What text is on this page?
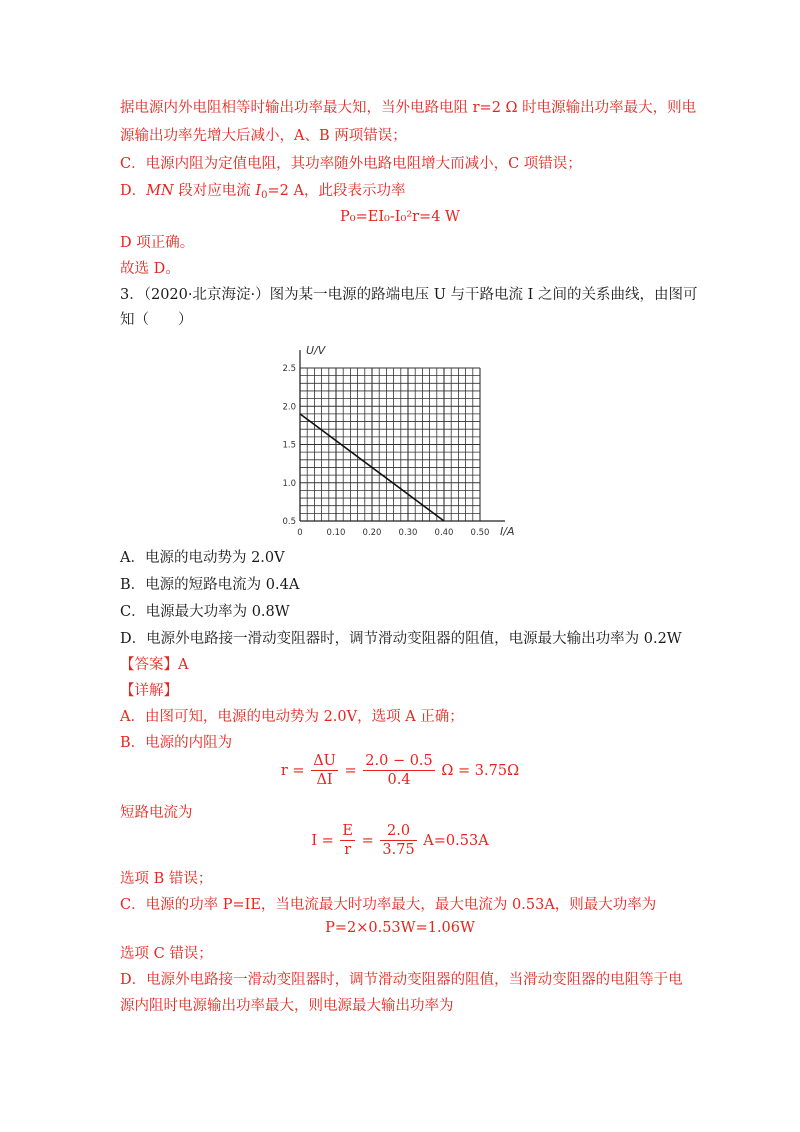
据电源内外电阻相等时输出功率最大知，当外电路电阻 r=2 Ω 时电源输出功率最大，则电
源输出功率先增大后减小，A、B 两项错误；
C．电源内阻为定值电阻，其功率随外电路电阻增大而减小，C 项错误；
D．MN 段对应电流 $I_0=2$ A，此段表示功率
P₀=EI₀-I₀²r=4 W
D 项正确。
故选 D。
3．（2020·北京海淀·）图为某一电源的路端电压 U 与干路电流 I 之间的关系曲线，由图可
知（　　）
U/V
I/A
0	0.10 0.20 0.30 0.40 0.50
0.5
1.0
1.5
2.0
2.5
A．电源的电动势为 2.0V
B．电源的短路电流为 0.4A
C．电源最大功率为 0.8W
D．电源外电路接一滑动变阻器时，调节滑动变阻器的阻值，电源最大输出功率为 0.2W
【答案】A
【详解】
A．由图可知，电源的电动势为 2.0V，选项 A 正确；
B．电源的内阻为
$r = \frac{\Delta U}{\Delta I} = \frac{2.0 - 0.5}{0.4}$ Ω = 3.75Ω
短路电流为
$I = \frac{E}{r} = \frac{2.0}{3.75} A=0.53A$
选项 B 错误；
C．电源的功率 P=IE，当电流最大时功率最大，最大电流为 0.53A，则最大功率为
P=2×0.53W=1.06W
选项 C 错误；
D．电源外电路接一滑动变阻器时，调节滑动变阻器的阻值，当滑动变阻器的电阻等于电
源内阻时电源输出功率最大，则电源最大输出功率为
